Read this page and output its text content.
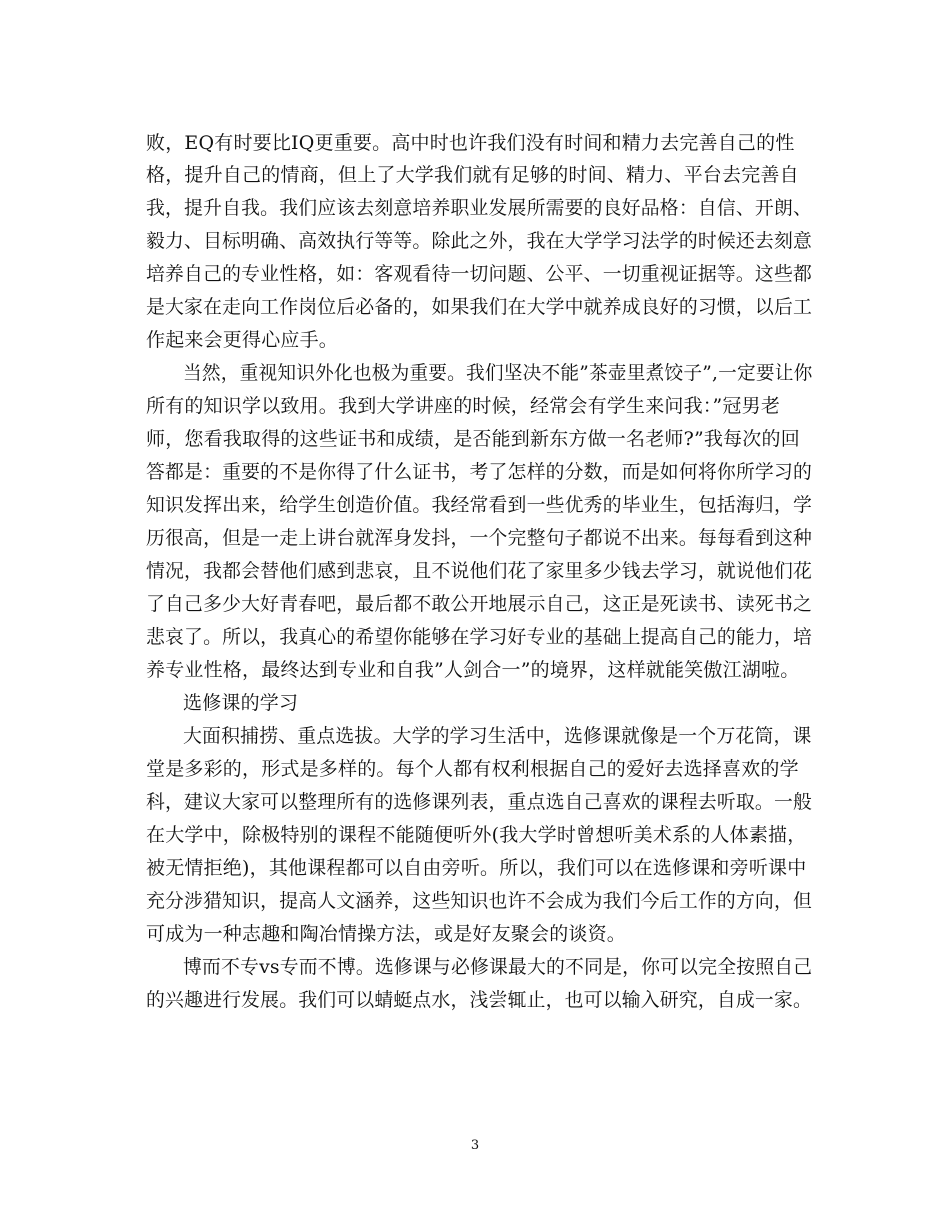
败，EQ有时要比IQ更重要。高中时也许我们没有时间和精力去完善自己的性
格，提升自己的情商，但上了大学我们就有足够的时间、精力、平台去完善自
我，提升自我。我们应该去刻意培养职业发展所需要的良好品格：自信、开朗、
毅力、目标明确、高效执行等等。除此之外，我在大学学习法学的时候还去刻意
培养自己的专业性格，如：客观看待一切问题、公平、一切重视证据等。这些都
是大家在走向工作岗位后必备的，如果我们在大学中就养成良好的习惯，以后工
作起来会更得心应手。
当然，重视知识外化也极为重要。我们坚决不能”茶壶里煮饺子”,一定要让你
所有的知识学以致用。我到大学讲座的时候，经常会有学生来问我：”冠男老
师，您看我取得的这些证书和成绩，是否能到新东方做一名老师?”我每次的回
答都是：重要的不是你得了什么证书，考了怎样的分数，而是如何将你所学习的
知识发挥出来，给学生创造价值。我经常看到一些优秀的毕业生，包括海归，学
历很高，但是一走上讲台就浑身发抖，一个完整句子都说不出来。每每看到这种
情况，我都会替他们感到悲哀，且不说他们花了家里多少钱去学习，就说他们花
了自己多少大好青春吧，最后都不敢公开地展示自己，这正是死读书、读死书之
悲哀了。所以，我真心的希望你能够在学习好专业的基础上提高自己的能力，培
养专业性格，最终达到专业和自我”人剑合一”的境界，这样就能笑傲江湖啦。
选修课的学习
大面积捕捞、重点选拔。大学的学习生活中，选修课就像是一个万花筒，课
堂是多彩的，形式是多样的。每个人都有权利根据自己的爱好去选择喜欢的学
科，建议大家可以整理所有的选修课列表，重点选自己喜欢的课程去听取。一般
在大学中，除极特别的课程不能随便听外(我大学时曾想听美术系的人体素描，
被无情拒绝)，其他课程都可以自由旁听。所以，我们可以在选修课和旁听课中
充分涉猎知识，提高人文涵养，这些知识也许不会成为我们今后工作的方向，但
可成为一种志趣和陶冶情操方法，或是好友聚会的谈资。
博而不专vs专而不博。选修课与必修课最大的不同是，你可以完全按照自己
的兴趣进行发展。我们可以蜻蜓点水，浅尝辄止，也可以输入研究，自成一家。
3
